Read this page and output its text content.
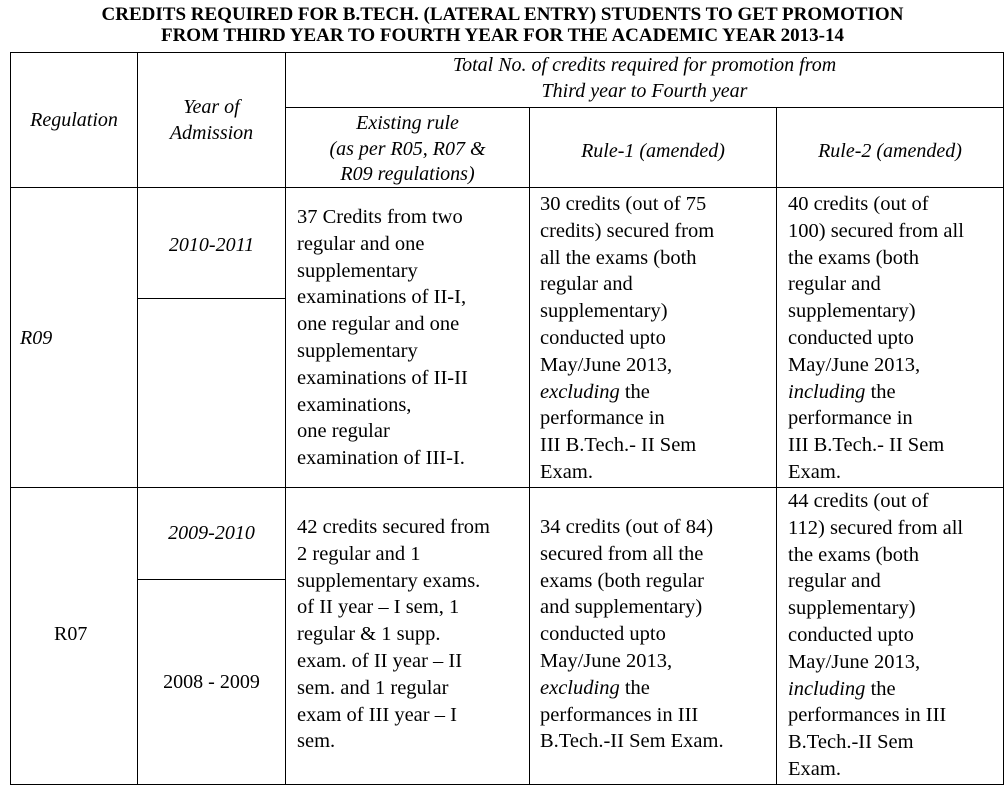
CREDITS REQUIRED FOR B.TECH. (LATERAL ENTRY) STUDENTS TO GET PROMOTION
FROM THIRD YEAR TO FOURTH YEAR FOR THE ACADEMIC YEAR 2013-14
Regulation
Year of
Admission
Total No. of credits required for promotion from
Third year to Fourth year
Existing rule
(as per R05, R07 &
R09 regulations)
Rule-1 (amended)	Rule-2 (amended)
R09
2010-2011
37 Credits from two
regular and one
supplementary
examinations of II-I,
one regular and one
supplementary
examinations of II-II
examinations,
one regular
examination of III-I.
30 credits (out of 75
credits) secured from
all the exams (both
regular and
supplementary)
conducted upto
May/June 2013,
excluding the
performance in
III B.Tech.- II Sem
Exam.
40 credits (out of
100) secured from all
the exams (both
regular and
supplementary)
conducted upto
May/June 2013,
including the
performance in
III B.Tech.- II Sem
Exam.
R07
2009-2010
2008 - 2009
42 credits secured from
2 regular and 1
supplementary exams.
of II year – I sem, 1
regular & 1 supp.
exam. of II year – II
sem. and 1 regular
exam of III year – I
sem.
34 credits (out of 84)
secured from all the
exams (both regular
and supplementary)
conducted upto
May/June 2013,
excluding the
performances in III
B.Tech.-II Sem Exam.
44 credits (out of
112) secured from all
the exams (both
regular and
supplementary)
conducted upto
May/June 2013,
including the
performances in III
B.Tech.-II Sem
Exam.
